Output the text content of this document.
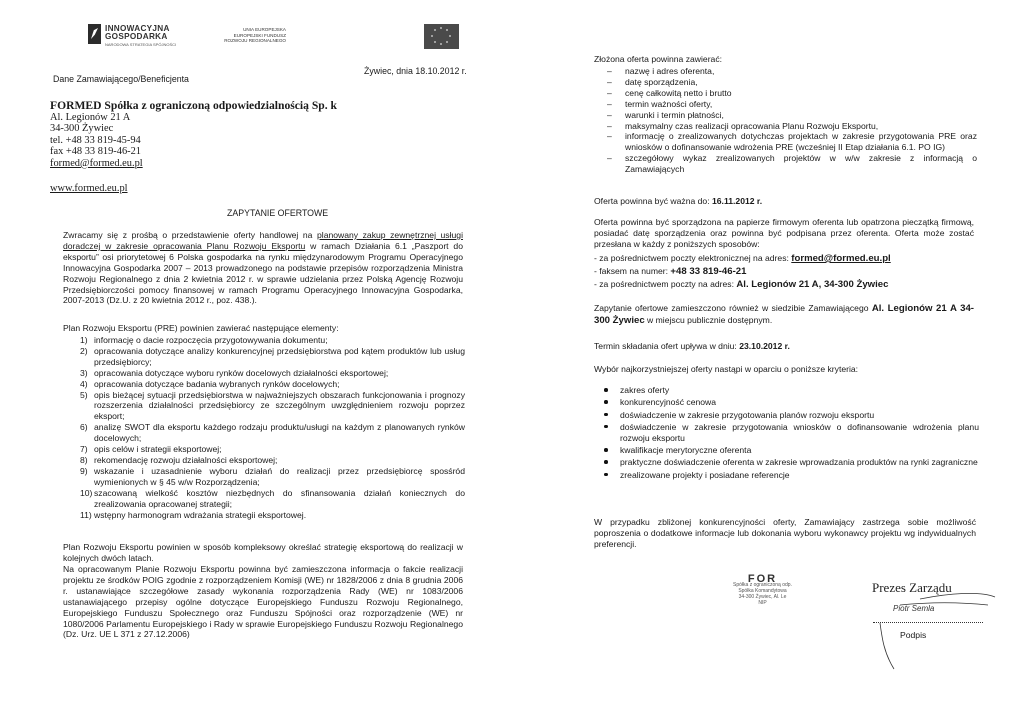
INNOWACYJNA
GOSPODARKA
NARODOWA STRATEGIA SPÓJNOŚCI
UNIA EUROPEJSKA
EUROPEJSKI FUNDUSZ
ROZWOJU REGIONALNEGO
Dane Zamawiającego/Beneficjenta
Żywiec, dnia 18.10.2012 r.
FORMED Spółka z ograniczoną odpowiedzialnością Sp. k
Al. Legionów 21 A
34-300 Żywiec
tel. +48 33 819-45-94
fax +48 33 819-46-21
formed@formed.eu.pl
www.formed.eu.pl
ZAPYTANIE OFERTOWE
Zwracamy się z prośbą o przedstawienie oferty handlowej na planowany zakup zewnętrznej usługi doradczej w zakresie opracowania Planu Rozwoju Eksportu w ramach Działania 6.1 „Paszport do eksportu” osi priorytetowej 6 Polska gospodarka na rynku międzynarodowym Programu Operacyjnego Innowacyjna Gospodarka 2007 – 2013 prowadzonego na podstawie przepisów rozporządzenia Ministra Rozwoju Regionalnego z dnia 2 kwietnia 2012 r. w sprawie udzielania przez Polską Agencję Rozwoju Przedsiębiorczości pomocy finansowej w ramach Programu Operacyjnego Innowacyjna Gospodarka, 2007-2013 (Dz.U. z 20 kwietnia 2012 r., poz. 438.).
Plan Rozwoju Eksportu (PRE) powinien zawierać następujące elementy:
1) informację o dacie rozpoczęcia przygotowywania dokumentu;
2) opracowania dotyczące analizy konkurencyjnej przedsiębiorstwa pod kątem produktów lub usług przedsiębiorcy;
3) opracowania dotyczące wyboru rynków docelowych działalności eksportowej;
4) opracowania dotyczące badania wybranych rynków docelowych;
5) opis bieżącej sytuacji przedsiębiorstwa w najważniejszych obszarach funkcjonowania i prognozy rozszerzenia działalności przedsiębiorcy ze szczególnym uwzględnieniem rozwoju poprzez eksport;
6) analizę SWOT dla eksportu każdego rodzaju produktu/usługi na każdym z planowanych rynków docelowych;
7) opis celów i strategii eksportowej;
8) rekomendację rozwoju działalności eksportowej;
9) wskazanie i uzasadnienie wyboru działań do realizacji przez przedsiębiorcę sposśród wymienionych w § 45 w/w Rozporządzenia;
10) szacowaną wielkość kosztów niezbędnych do sfinansowania działań koniecznych do zrealizowania opracowanej strategii;
11) wstępny harmonogram wdrażania strategii eksportowej.
Plan Rozwoju Eksportu powinien w sposób kompleksowy określać strategię eksportową do realizacji w kolejnych dwóch latach.
Na opracowanym Planie Rozwoju Eksportu powinna być zamieszczona informacja o fakcie realizacji projektu ze środków POIG zgodnie z rozporządzeniem Komisji (WE) nr 1828/2006 z dnia 8 grudnia 2006 r. ustanawiające szczegółowe zasady wykonania rozporządzenia Rady (WE) nr 1083/2006 ustanawiającego przepisy ogólne dotyczące Europejskiego Funduszu Rozwoju Regionalnego, Europejskiego Funduszu Społecznego oraz Funduszu Spójności oraz rozporządzenie (WE) nr 1080/2006 Parlamentu Europejskiego i Rady w sprawie Europejskiego Funduszu Rozwoju Regionalnego (Dz. Urz. UE L 371 z 27.12.2006)
Złożona oferta powinna zawierać:
– nazwę i adres oferenta,
– datę sporządzenia,
– cenę całkowitą netto i brutto
– termin ważności oferty,
– warunki i termin płatności,
– maksymalny czas realizacji opracowania Planu Rozwoju Eksportu,
– informację o zrealizowanych dotychczas projektach w zakresie przygotowania PRE oraz wniosków o dofinansowanie wdrożenia PRE (wcześniej II Etap działania 6.1. PO IG)
– szczegółowy wykaz zrealizowanych projektów w w/w zakresie z informacją o Zamawiających
Oferta powinna być ważna do: 16.11.2012 r.
Oferta powinna być sporządzona na papierze firmowym oferenta lub opatrzona pieczątką firmową, posiadać datę sporządzenia oraz powinna być podpisana przez oferenta. Oferta może zostać przesłana w każdy z poniższych sposobów:
- za pośrednictwem poczty elektronicznej na adres: formed@formed.eu.pl
- faksem na numer: +48 33 819-46-21
- za pośrednictwem poczty na adres: Al. Legionów 21 A, 34-300 Żywiec
Zapytanie ofertowe zamieszczono również w siedzibie Zamawiającego Al. Legionów 21 A 34-300 Żywiec w miejscu publicznie dostępnym.
Termin składania ofert upływa w dniu: 23.10.2012 r.
Wybór najkorzystniejszej oferty nastąpi w oparciu o poniższe kryteria:
zakres oferty
konkurencyjność cenowa
doświadczenie w zakresie przygotowania planów rozwoju eksportu
doświadczenie w zakresie przygotowania wniosków o dofinansowanie wdrożenia planu rozwoju eksportu
kwalifikacje merytoryczne oferenta
praktyczne doświadczenie oferenta w zakresie wprowadzania produktów na rynki zagraniczne
zrealizowane projekty i posiadane referencje
W przypadku zbliżonej konkurencyjności oferty, Zamawiający zastrzega sobie możliwość poproszenia o dodatkowe informacje lub dokonania wyboru wykonawcy projektu wg indywidualnych preferencji.
FOR
Spółka z ograniczoną odp.
Spółka Komandytowa
34-300 Żywiec, Al. Le
NIP
Prezes Zarządu
Piotr Semla
Podpis
